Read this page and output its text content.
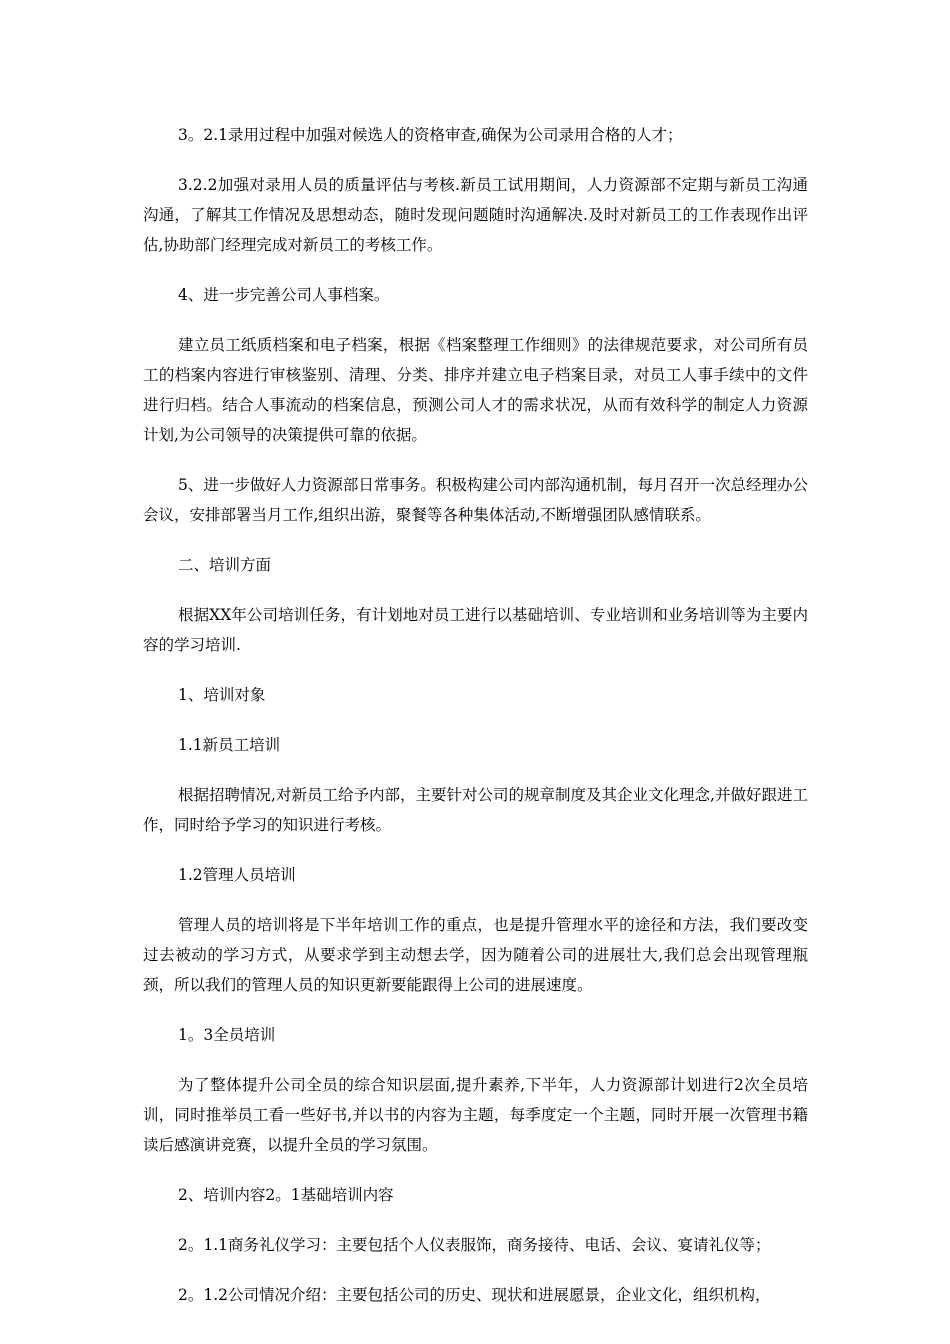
3。2.1录用过程中加强对候选人的资格审查,确保为公司录用合格的人才；

3.2.2加强对录用人员的质量评估与考核.新员工试用期间，人力资源部不定期与新员工沟通沟通，了解其工作情况及思想动态，随时发现问题随时沟通解决.及时对新员工的工作表现作出评估,协助部门经理完成对新员工的考核工作。

4、进一步完善公司人事档案。

建立员工纸质档案和电子档案，根据《档案整理工作细则》的法律规范要求，对公司所有员工的档案内容进行审核鉴别、清理、分类、排序并建立电子档案目录，对员工人事手续中的文件进行归档。结合人事流动的档案信息，预测公司人才的需求状况，从而有效科学的制定人力资源计划,为公司领导的决策提供可靠的依据。

5、进一步做好人力资源部日常事务。积极构建公司内部沟通机制，每月召开一次总经理办公会议，安排部署当月工作,组织出游，聚餐等各种集体活动,不断增强团队感情联系。

二、培训方面

根据XX年公司培训任务，有计划地对员工进行以基础培训、专业培训和业务培训等为主要内容的学习培训.

1、培训对象

1.1新员工培训

根据招聘情况,对新员工给予内部，主要针对公司的规章制度及其企业文化理念,并做好跟进工作，同时给予学习的知识进行考核。

1.2管理人员培训

管理人员的培训将是下半年培训工作的重点，也是提升管理水平的途径和方法，我们要改变过去被动的学习方式，从要求学到主动想去学，因为随着公司的进展壮大,我们总会出现管理瓶颈，所以我们的管理人员的知识更新要能跟得上公司的进展速度。

1。3全员培训

为了整体提升公司全员的综合知识层面,提升素养,下半年，人力资源部计划进行2次全员培训，同时推举员工看一些好书,并以书的内容为主题，每季度定一个主题，同时开展一次管理书籍读后感演讲竞赛，以提升全员的学习氛围。

2、培训内容2。1基础培训内容

2。1.1商务礼仪学习：主要包括个人仪表服饰，商务接待、电话、会议、宴请礼仪等；

2。1.2公司情况介绍：主要包括公司的历史、现状和进展愿景，企业文化，组织机构，
